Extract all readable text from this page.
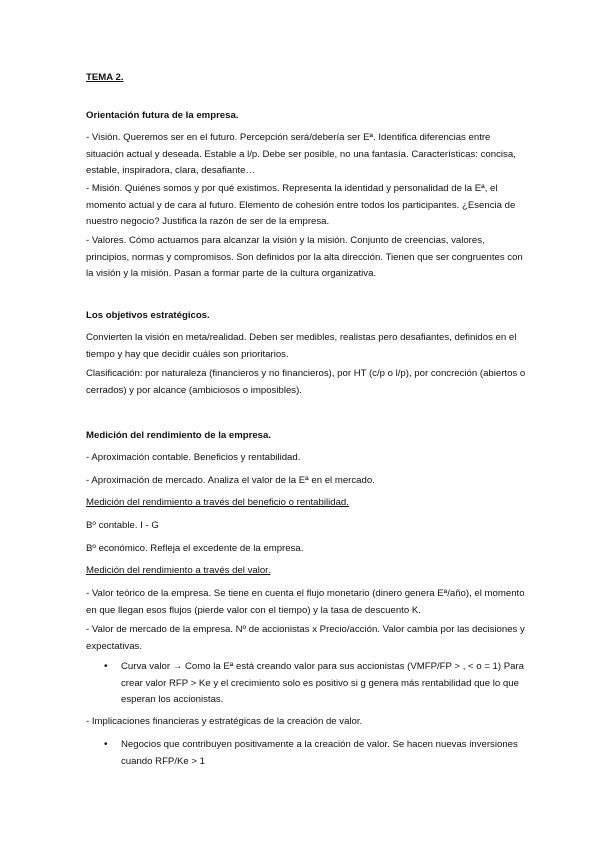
TEMA 2.

Orientación futura de la empresa.

- Visión. Queremos ser en el futuro. Percepción será/debería ser Eª. Identifica diferencias entre situación actual y deseada. Estable a l/p. Debe ser posible, no una fantasía. Características: concisa, estable, inspiradora, clara, desafiante…

- Misión. Quiénes somos y por qué existimos. Representa la identidad y personalidad de la Eª, el momento actual y de cara al futuro. Elemento de cohesión entre todos los participantes. ¿Esencia de nuestro negocio? Justifica la razón de ser de la empresa.

- Valores. Cómo actuamos para alcanzar la visión y la misión. Conjunto de creencias, valores, principios, normas y compromisos. Son definidos por la alta dirección. Tienen que ser congruentes con la visión y la misión. Pasan a formar parte de la cultura organizativa.

Los objetivos estratégicos.

Convierten la visión en meta/realidad. Deben ser medibles, realistas pero desafiantes, definidos en el tiempo y hay que decidir cuáles son prioritarios.

Clasificación: por naturaleza (financieros y no financieros), por HT (c/p o l/p), por concreción (abiertos o cerrados) y por alcance (ambiciosos o imposibles).

Medición del rendimiento de la empresa.

- Aproximación contable. Beneficios y rentabilidad.

- Aproximación de mercado. Analiza el valor de la Eª en el mercado.

Medición del rendimiento a través del beneficio o rentabilidad.

Bº contable. I - G

Bº económico. Refleja el excedente de la empresa.

Medición del rendimiento a través del valor.

- Valor teórico de la empresa. Se tiene en cuenta el flujo monetario (dinero genera Eª/año), el momento en que llegan esos flujos (pierde valor con el tiempo) y la tasa de descuento K.

- Valor de mercado de la empresa. Nº de accionistas x Precio/acción. Valor cambia por las decisiones y expectativas.

•	Curva valor → Como la Eª está creando valor para sus accionistas (VMFP/FP > , < o = 1) Para crear valor RFP > Ke y el crecimiento solo es positivo si g genera más rentabilidad que lo que esperan los accionistas.

- Implicaciones financieras y estratégicas de la creación de valor.

•	Negocios que contribuyen positivamente a la creación de valor. Se hacen nuevas inversiones cuando RFP/Ke > 1
